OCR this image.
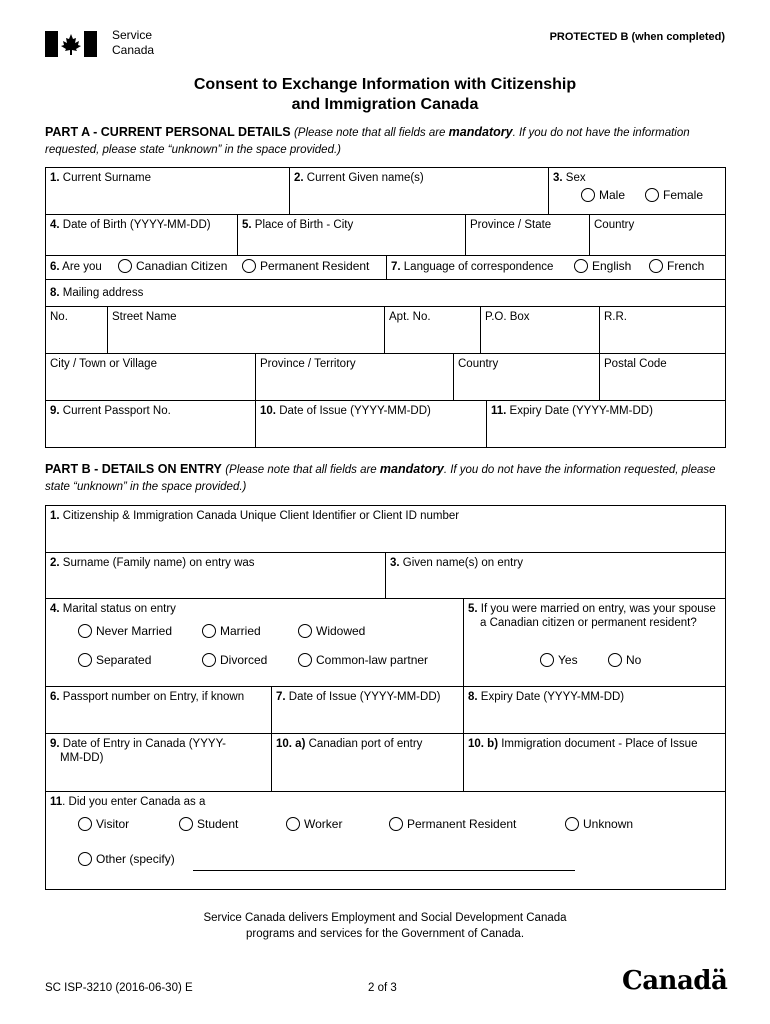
Service
Canada
PROTECTED B (when completed)
Consent to Exchange Information with Citizenship
and Immigration Canada
PART A - CURRENT PERSONAL DETAILS (Please note that all fields are mandatory. If you do not have the information requested, please state “unknown” in the space provided.)
1. Current Surname	2. Current Given name(s)	3. Sex
Male	Female
4. Date of Birth (YYYY-MM-DD)	5. Place of Birth - City	Province / State	Country
6. Are you	Canadian Citizen	Permanent Resident	7. Language of correspondence	English	French
8. Mailing address
No.	Street Name	Apt. No.	P.O. Box	R.R.
City / Town or Village	Province / Territory	Country	Postal Code
9. Current Passport No.	10. Date of Issue (YYYY-MM-DD)	11. Expiry Date (YYYY-MM-DD)
PART B - DETAILS ON ENTRY (Please note that all fields are mandatory. If you do not have the information requested, please state “unknown” in the space provided.)
1. Citizenship & Immigration Canada Unique Client Identifier or Client ID number
2. Surname (Family name) on entry was	3. Given name(s) on entry
4. Marital status on entry
Never Married	Married	Widowed
Separated	Divorced	Common-law partner
5. If you were married on entry, was your spouse a Canadian citizen or permanent resident?
Yes	No
6. Passport number on Entry, if known	7. Date of Issue (YYYY-MM-DD)	8. Expiry Date (YYYY-MM-DD)
9. Date of Entry in Canada (YYYY-MM-DD)
10. a) Canadian port of entry	10. b) Immigration document - Place of Issue
11. Did you enter Canada as a
Visitor	Student	Worker	Permanent Resident	Unknown
Other (specify)
Service Canada delivers Employment and Social Development Canada
programs and services for the Government of Canada.
SC ISP-3210 (2016-06-30) E	2 of 3	Canadä
